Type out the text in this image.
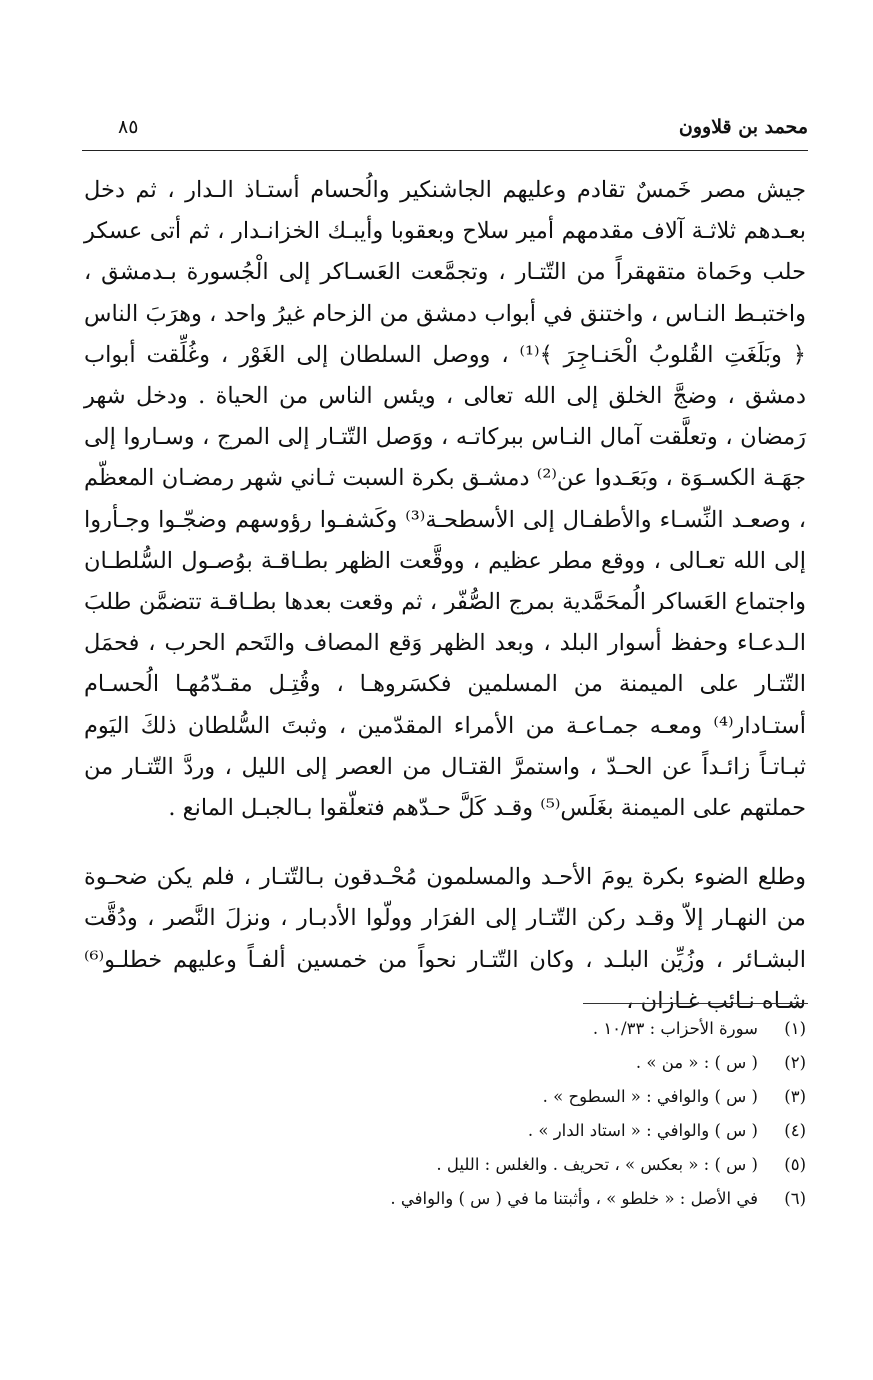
محمد بن قلاوون
٨٥

جيش مصر خَمسٌ تقادم وعليهم الجاشنكير والُحسام أستـاذ الـدار ، ثم دخل بعـدهم ثلاثـة آلاف مقدمهم أمير سلاح وبعقوبا وأيبـك الخزانـدار ، ثم أتى عسكر حلب وحَماة متقهقراً من التّتـار ، وتجمَّعت العَسـاكر إلى الْجُسورة بـدمشق ، واختبـط النـاس ، واختنق في أبواب دمشق من الزحام غيرُ واحد ، وهرَبَ الناس ﴿ وبَلَغَتِ القُلوبُ الْحَنـاجِرَ ﴾⁽¹⁾ ، ووصل السلطان إلى الغَوْر ، وغُلِّقت أبواب دمشق ، وضجَّ الخلق إلى الله تعالى ، ويئس الناس من الحياة . ودخل شهر رَمضان ، وتعلَّقت آمال النـاس ببركاتـه ، ووَصل التّتـار إلى المرج ، وسـاروا إلى جهَـة الكسـوَة ، وبَعَـدوا عن⁽²⁾ دمشـق بكرة السبت ثـاني شهر رمضـان المعظّم ، وصعـد النِّسـاء والأطفـال إلى الأسطحـة⁽³⁾ وكَشفـوا رؤوسهم وضجّـوا وجـأروا إلى الله تعـالى ، ووقع مطر عظيم ، ووقَّعت الظهر بطـاقـة بوُصـول السُّلطـان واجتماع العَساكر الُمحَمَّدية بمرج الصُّفّر ، ثم وقعت بعدها بطـاقـة تتضمَّن طلبَ الـدعـاء وحفظ أسوار البلد ، وبعد الظهر وَقع المصاف والتَحم الحرب ، فحمَل التّتـار على الميمنة من المسلمين فكسَروهـا ، وقُتِـل مقـدّمُهـا الُحسـام أستـادار⁽⁴⁾ ومعـه جمـاعـة من الأمراء المقدّمين ، وثبتَ السُّلطان ذلكَ اليَوم ثبـاتـاً زائـداً عن الحـدّ ، واستمرَّ القتـال من العصر إلى الليل ، وردَّ التّتـار من حملتهم على الميمنة بغَلَس⁽⁵⁾ وقـد كَلَّ حـدّهم فتعلّقوا بـالجبـل المانع .

وطلع الضوء بكرة يومَ الأحـد والمسلمون مُحْـدقون بـالتّتـار ، فلم يكن ضحـوة من النهـار إلاّ وقـد ركن التّتـار إلى الفرَار وولّوا الأدبـار ، ونزلَ النَّصر ، ودُقَّت البشـائر ، وزُيِّن البلـد ، وكان التّتـار نحواً من خمسين ألفـاً وعليهم خطلـو⁽⁶⁾ شـاه نـائب غـازان ،

(١)
سورة الأحزاب : ١٠/٣٣ .
(٢)
( س ) : « من » .
(٣)
( س ) والوافي : « السطوح » .
(٤)
( س ) والوافي : « استاد الدار » .
(٥)
( س ) : « بعكس » ، تحريف . والغلس : الليل .
(٦)
في الأصل : « خلطو » ، وأثبتنا ما في ( س ) والوافي .
